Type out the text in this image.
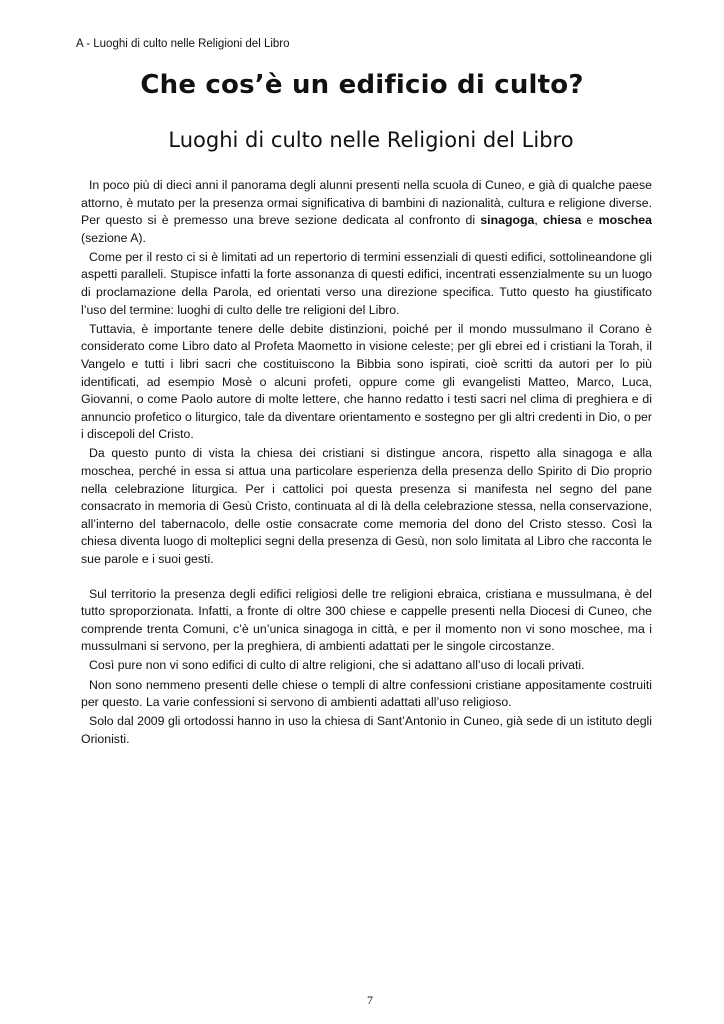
A - Luoghi di culto nelle Religioni del Libro
Che cos’è un edificio di culto?
Luoghi di culto nelle Religioni del Libro

In poco più di dieci anni il panorama degli alunni presenti nella scuola di Cuneo, e già di qualche paese attorno, è mutato per la presenza ormai significativa di bambini di nazionalità, cultura e religione diverse. Per questo si è premesso una breve sezione dedicata al confronto di sinagoga, chiesa e moschea (sezione A).

Come per il resto ci si è limitati ad un repertorio di termini essenziali di questi edifici, sottolineandone gli aspetti paralleli. Stupisce infatti la forte assonanza di questi edifici, incentrati essenzialmente su un luogo di proclamazione della Parola, ed orientati verso una direzione specifica. Tutto questo ha giustificato l’uso del termine: luoghi di culto delle tre religioni del Libro.

Tuttavia, è importante tenere delle debite distinzioni, poiché per il mondo mussulmano il Corano è considerato come Libro dato al Profeta Maometto in visione celeste; per gli ebrei ed i cristiani la Torah, il Vangelo e tutti i libri sacri che costituiscono la Bibbia sono ispirati, cioè scritti da autori per lo più identificati, ad esempio Mosè o alcuni profeti, oppure come gli evangelisti Matteo, Marco, Luca, Giovanni, o come Paolo autore di molte lettere, che hanno redatto i testi sacri nel clima di preghiera e di annuncio profetico o liturgico, tale da diventare orientamento e sostegno per gli altri credenti in Dio, o per i discepoli del Cristo.

Da questo punto di vista la chiesa dei cristiani si distingue ancora, rispetto alla sinagoga e alla moschea, perché in essa si attua una particolare esperienza della presenza dello Spirito di Dio proprio nella celebrazione liturgica. Per i cattolici poi questa presenza si manifesta nel segno del pane consacrato in memoria di Gesù Cristo, continuata al di là della celebrazione stessa, nella conservazione, all’interno del tabernacolo, delle ostie consacrate come memoria del dono del Cristo stesso. Così la chiesa diventa luogo di molteplici segni della presenza di Gesù, non solo limitata al Libro che racconta le sue parole e i suoi gesti.

Sul territorio la presenza degli edifici religiosi delle tre religioni ebraica, cristiana e mussulmana, è del tutto sproporzionata. Infatti, a fronte di oltre 300 chiese e cappelle presenti nella Diocesi di Cuneo, che comprende trenta Comuni, c’è un’unica sinagoga in città, e per il momento non vi sono moschee, ma i mussulmani si servono, per la preghiera, di ambienti adattati per le singole circostanze.

Così pure non vi sono edifici di culto di altre religioni, che si adattano all’uso di locali privati.

Non sono nemmeno presenti delle chiese o templi di altre confessioni cristiane appositamente costruiti per questo. La varie confessioni si servono di ambienti adattati all’uso religioso.

Solo dal 2009 gli ortodossi hanno in uso la chiesa di Sant’Antonio in Cuneo, già sede di un istituto degli Orionisti.

7
